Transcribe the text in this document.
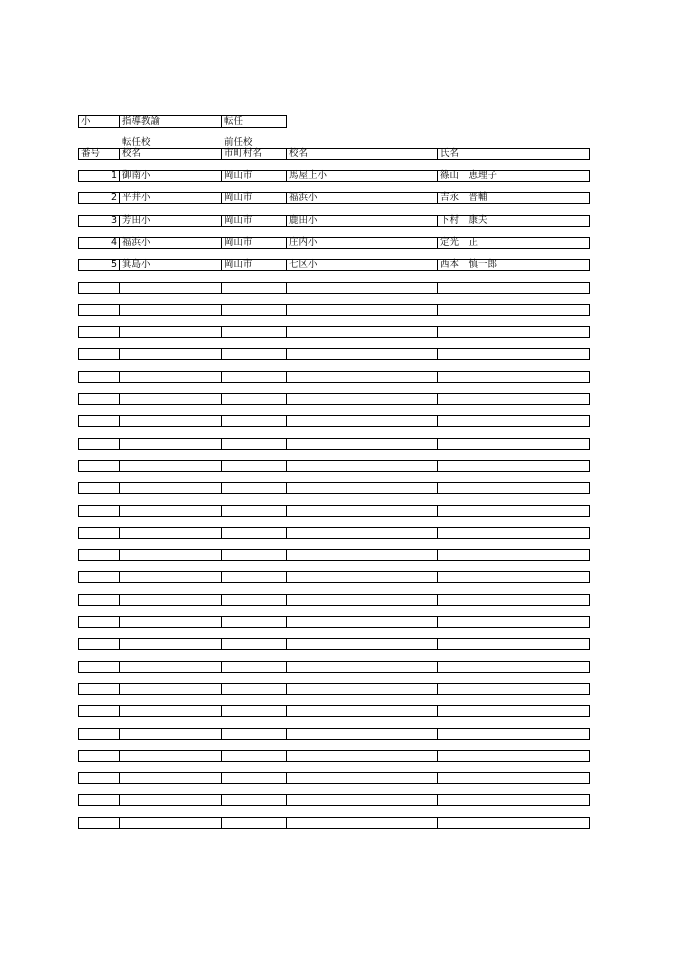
小	指導教諭	転任
転任校	前任校
番号 校名	市町村名	校名	氏名
1 御南小	岡山市	馬屋上小	篠山　恵理子
2 平井小	岡山市	福浜小	吉永　晋輔
3 芳田小	岡山市	鹿田小	下村　康夫
4 福浜小	岡山市	庄内小	定光　正
5 箕島小	岡山市	七区小	西本　慎一郎
